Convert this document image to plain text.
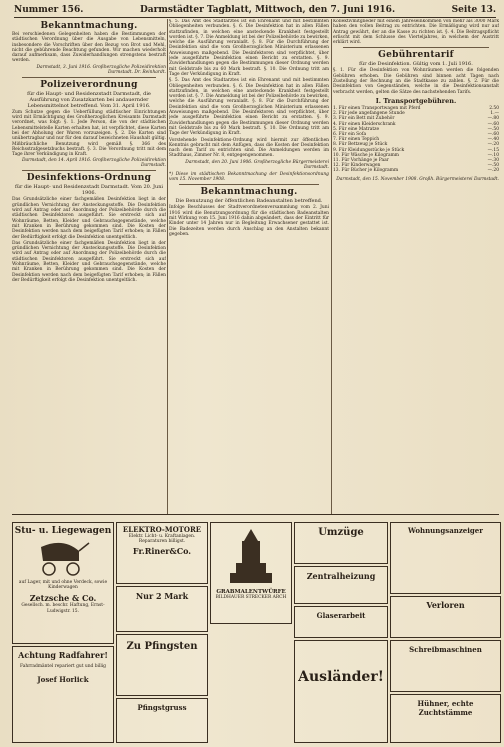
Nummer 156.	Darmstädter Tagblatt, Mittwoch, den 7. Juni 1916.	Seite 13.
Bekanntmachung.

Bei verschiedenen Gelegenheiten haben die Bestimmungen der städtischen Verordnung über die Ausgabe von Lebensmitteln, insbesondere die Vorschriften über den Bezug von Brot und Mehl, nicht die gebührende Beachtung gefunden. Wir machen wiederholt darauf aufmerksam, dass Zuwiderhandlungen strengstens bestraft werden.

Darmstadt, 3. Juni 1916. Großherzogliche Polizeidirektion Darmstadt. Dr. Reinhardt.
Polizeiverordnung
für die Haupt- und Residenzstadt Darmstadt, die Ausführung von Zusatzkarten bei andauernder Lebensmittelnot betreffend. Vom 31. April 1916.

Zum Schutze gegen die Ueberfüllung städtischer Einrichtungen wird mit Ermächtigung des Großherzoglichen Kreisamts Darmstadt verordnet, was folgt: §. 1. Jede Person, die von der städtischen Lebensmittelstelle Karten erhalten hat, ist verpflichtet, diese Karten bei der Abholung der Waren vorzuzeigen. §. 2. Die Karten sind unübertragbar und nur für den darauf bezeichneten Haushalt gültig. Mißbräuchliche Benutzung wird gemäß §. 366 des Reichsstrafgesetzbuchs bestraft. §. 3. Die Verordnung tritt mit dem Tage ihrer Verkündigung in Kraft.

Darmstadt, den 14. April 1916. Großherzogliche Polizeidirektion Darmstadt.
Desinfektions-Ordnung
für die Haupt- und Residenzstadt Darmstadt. Vom 20. Juni 1906.

Das Grundsätzliche einer fachgemäßen Desinfektion liegt in der gründlichen Vernichtung der Ansteckungsstoffe. Die Desinfektion wird auf Antrag oder auf Anordnung der Polizeibehörde durch die städtischen Desinfektoren ausgeführt. Sie erstreckt sich auf Wohnräume, Betten, Kleider und Gebrauchsgegenstände, welche mit Kranken in Berührung gekommen sind. Die Kosten der Desinfektion werden nach dem beigefügten Tarif erhoben; in Fällen der Bedürftigkeit erfolgt die Desinfektion unentgeltlich.

Das Grundsätzliche einer fachgemäßen Desinfektion liegt in der gründlichen Vernichtung der Ansteckungsstoffe. Die Desinfektion wird auf Antrag oder auf Anordnung der Polizeibehörde durch die städtischen Desinfektoren ausgeführt. Sie erstreckt sich auf Wohnräume, Betten, Kleider und Gebrauchsgegenstände, welche mit Kranken in Berührung gekommen sind. Die Kosten der Desinfektion werden nach dem beigefügten Tarif erhoben; in Fällen der Bedürftigkeit erfolgt die Desinfektion unentgeltlich.

§. 5. Das Amt des Stadtarztes ist ein Ehrenamt und mit bestimmten Obliegenheiten verbunden. §. 6. Die Desinfektion hat in allen Fällen stattzufinden, in welchen eine ansteckende Krankheit festgestellt worden ist. §. 7. Die Anmeldung ist bei der Polizeibehörde zu bewirken, welche die Ausführung veranlaßt. §. 8. Für die Durchführung der Desinfektion sind die vom Großherzoglichen Ministerium erlassenen Anweisungen maßgebend. Die Desinfektoren sind verpflichtet, über jede ausgeführte Desinfektion einen Bericht zu erstatten. §. 9. Zuwiderhandlungen gegen die Bestimmungen dieser Ordnung werden mit Geldstrafe bis zu 60 Mark bestraft. §. 10. Die Ordnung tritt am Tage der Verkündigung in Kraft.

§. 5. Das Amt des Stadtarztes ist ein Ehrenamt und mit bestimmten Obliegenheiten verbunden. §. 6. Die Desinfektion hat in allen Fällen stattzufinden, in welchen eine ansteckende Krankheit festgestellt worden ist. §. 7. Die Anmeldung ist bei der Polizeibehörde zu bewirken, welche die Ausführung veranlaßt. §. 8. Für die Durchführung der Desinfektion sind die vom Großherzoglichen Ministerium erlassenen Anweisungen maßgebend. Die Desinfektoren sind verpflichtet, über jede ausgeführte Desinfektion einen Bericht zu erstatten. §. 9. Zuwiderhandlungen gegen die Bestimmungen dieser Ordnung werden mit Geldstrafe bis zu 60 Mark bestraft. §. 10. Die Ordnung tritt am Tage der Verkündigung in Kraft.

Vorstehende Desinfektions-Ordnung wird hiermit zur öffentlichen Kenntnis gebracht mit dem Anfügen, dass die Kosten der Desinfektion nach dem Tarif zu entrichten sind. Die Anmeldungen werden im Stadthaus, Zimmer Nr. 8, entgegengenommen.

Darmstadt, den 20. Juni 1906. Großherzogliche Bürgermeisterei Darmstadt.

*) Diese im städtischen Bekanntmachung der Desinfektionsordnung vom 15. November 1908.

Bekanntmachung.
Die Benutzung der öffentlichen Badeanstalten betreffend.

Infolge Beschlusses der Stadtverordnetenversammlung vom 2. Juni 1916 wird die Benutzungsordnung für die städtischen Badeanstalten mit Wirkung vom 15. Juni 1916 dahin abgeändert, dass der Eintritt für Kinder unter 14 Jahren nur in Begleitung Erwachsener gestattet ist. Die Badezeiten werden durch Anschlag an den Anstalten bekannt gegeben.

Kollektivmitglieder mit einem Jahreseinkommen von mehr als 3000 Mark haben den vollen Beitrag zu entrichten. Die Ermäßigung wird nur auf Antrag gewährt, der an die Kasse zu richten ist. §. 4. Die Beitragspflicht erlischt mit dem Schlusse des Vierteljahres, in welchem der Austritt erklärt wird.

Gebührentarif
für die Desinfektion. Gültig vom 1. Juli 1916.

§. 1. Für die Desinfektion von Wohnräumen werden die folgenden Gebühren erhoben. Die Gebühren sind binnen acht Tagen nach Zustellung der Rechnung an die Stadtkasse zu zahlen. §. 2. Für die Desinfektion von Gegenständen, welche in die Desinfektionsanstalt verbracht werden, gelten die Sätze des nachstehenden Tarifs.

I. Transportgebühren.
1. Für einen Transportwagen mit Pferd	2.50
2. Für jede angefangene Stunde	1.—
3. Für ein Bett mit Zubehör	—.80
4. Für einen Kleiderschrank	—.60
5. Für eine Matratze	—.50
6. Für ein Sofa	—.60
7. Für einen Teppich	—.40
8. Für Bettzeug je Stück	—.20
9. Für Kleidungsstücke je Stück	—.15
10. Für Wäsche je Kilogramm	—.10
11. Für Vorhänge je Paar	—.30
12. Für Kinderwagen	—.50
13. Für Bücher je Kilogramm	—.20
Darmstadt, den 15. November 1908. Großh. Bürgermeisterei Darmstadt.
Stu- u. Liegewagen
auf Lager, mit und ohne Verdeck, sowie Kinderwagen
Zetzsche & Co.
Gesellsch. m. beschr. Haftung, Ernst-Ludwigstr. 15.
Achtung Radfahrer!
Fahrradmäntel repariert gut und billig
Josef Horlick
ELEKTRO-MOTORE
Elektr. Licht- u. Kraftanlagen. Reparaturen billigst.
Fr.Riner&Co.
Nur 2 Mark
Zu Pfingsten
Pfingstgruss
GRABMALENTWÜRFE
BILDHAUER STRECKER ARCH
Umzüge
Zentralheizung
Glaserarbeit
Ausländer!
Wohnungsanzeiger
Verloren
Schreibmaschinen
Hühner, echte Zuchtstämme
